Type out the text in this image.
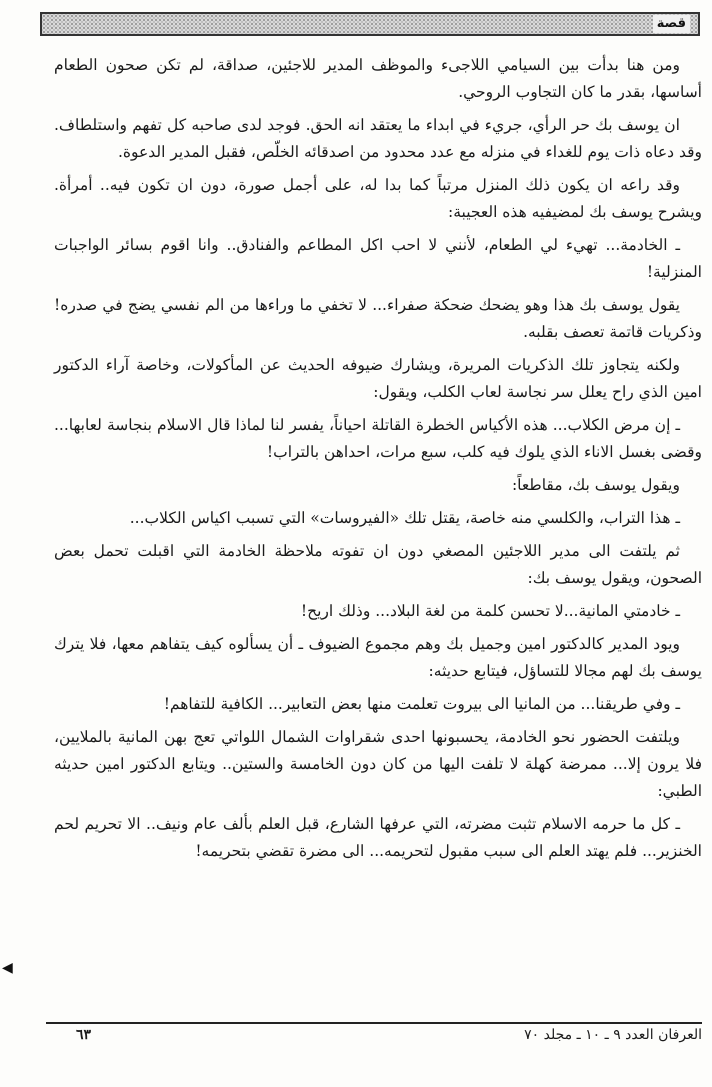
قصة

ومن هنا بدأت بين السيامي اللاجىء والموظف المدير للاجئين، صداقة، لم تكن صحون الطعام أساسها، بقدر ما كان التجاوب الروحي.

ان يوسف بك حر الرأي، جريء في ابداء ما يعتقد انه الحق. فوجد لدى صاحبه كل تفهم واستلطاف. وقد دعاه ذات يوم للغداء في منزله مع عدد محدود من اصدقائه الخلّص، فقبل المدير الدعوة.

وقد راعه ان يكون ذلك المنزل مرتباً كما بدا له، على أجمل صورة، دون ان تكون فيه.. أمرأة. ويشرح يوسف بك لمضيفيه هذه العجيبة:

ـ الخادمة... تهيء لي الطعام، لأنني لا احب اكل المطاعم والفنادق.. وانا اقوم بسائر الواجبات المنزلية!

يقول يوسف بك هذا وهو يضحك ضحكة صفراء... لا تخفي ما وراءها من الم نفسي يضج في صدره! وذكريات قاتمة تعصف بقلبه.

ولكنه يتجاوز تلك الذكريات المريرة، ويشارك ضيوفه الحديث عن المأكولات، وخاصة آراء الدكتور امين الذي راح يعلل سر نجاسة لعاب الكلب، ويقول:

ـ إن مرض الكلاب... هذه الأكياس الخطرة القاتلة احياناً، يفسر لنا لماذا قال الاسلام بنجاسة لعابها... وقضى بغسل الاناء الذي يلوك فيه كلب، سبع مرات، احداهن بالتراب!

ويقول يوسف بك، مقاطعاً:

ـ هذا التراب، والكلسي منه خاصة، يقتل تلك «الفيروسات» التي تسبب اكياس الكلاب...

ثم يلتفت الى مدير اللاجئين المصغي دون ان تفوته ملاحظة الخادمة التي اقبلت تحمل بعض الصحون، ويقول يوسف بك:

ـ خادمتي المانية...لا تحسن كلمة من لغة البلاد... وذلك اريح!

ويود المدير كالدكتور امين وجميل بك وهم مجموع الضيوف ـ أن يسألوه كيف يتفاهم معها، فلا يترك يوسف بك لهم مجالا للتساؤل، فيتابع حديثه:

ـ وفي طريقنا... من المانيا الى بيروت تعلمت منها بعض التعابير... الكافية للتفاهم!

ويلتفت الحضور نحو الخادمة، يحسبونها احدى شقراوات الشمال اللواتي تعج بهن المانية بالملايين، فلا يرون إلا... ممرضة كهلة لا تلفت اليها من كان دون الخامسة والستين.. ويتابع الدكتور امين حديثه الطبي:

ـ كل ما حرمه الاسلام تثبت مضرته، التي عرفها الشارع، قبل العلم بألف عام ونيف.. الا تحريم لحم الخنزير... فلم يهتد العلم الى سبب مقبول لتحريمه... الى مضرة تقضي بتحريمه!

◀
العرفان العدد ٩ ـ ١٠ ـ مجلد ٧٠
٦٣
